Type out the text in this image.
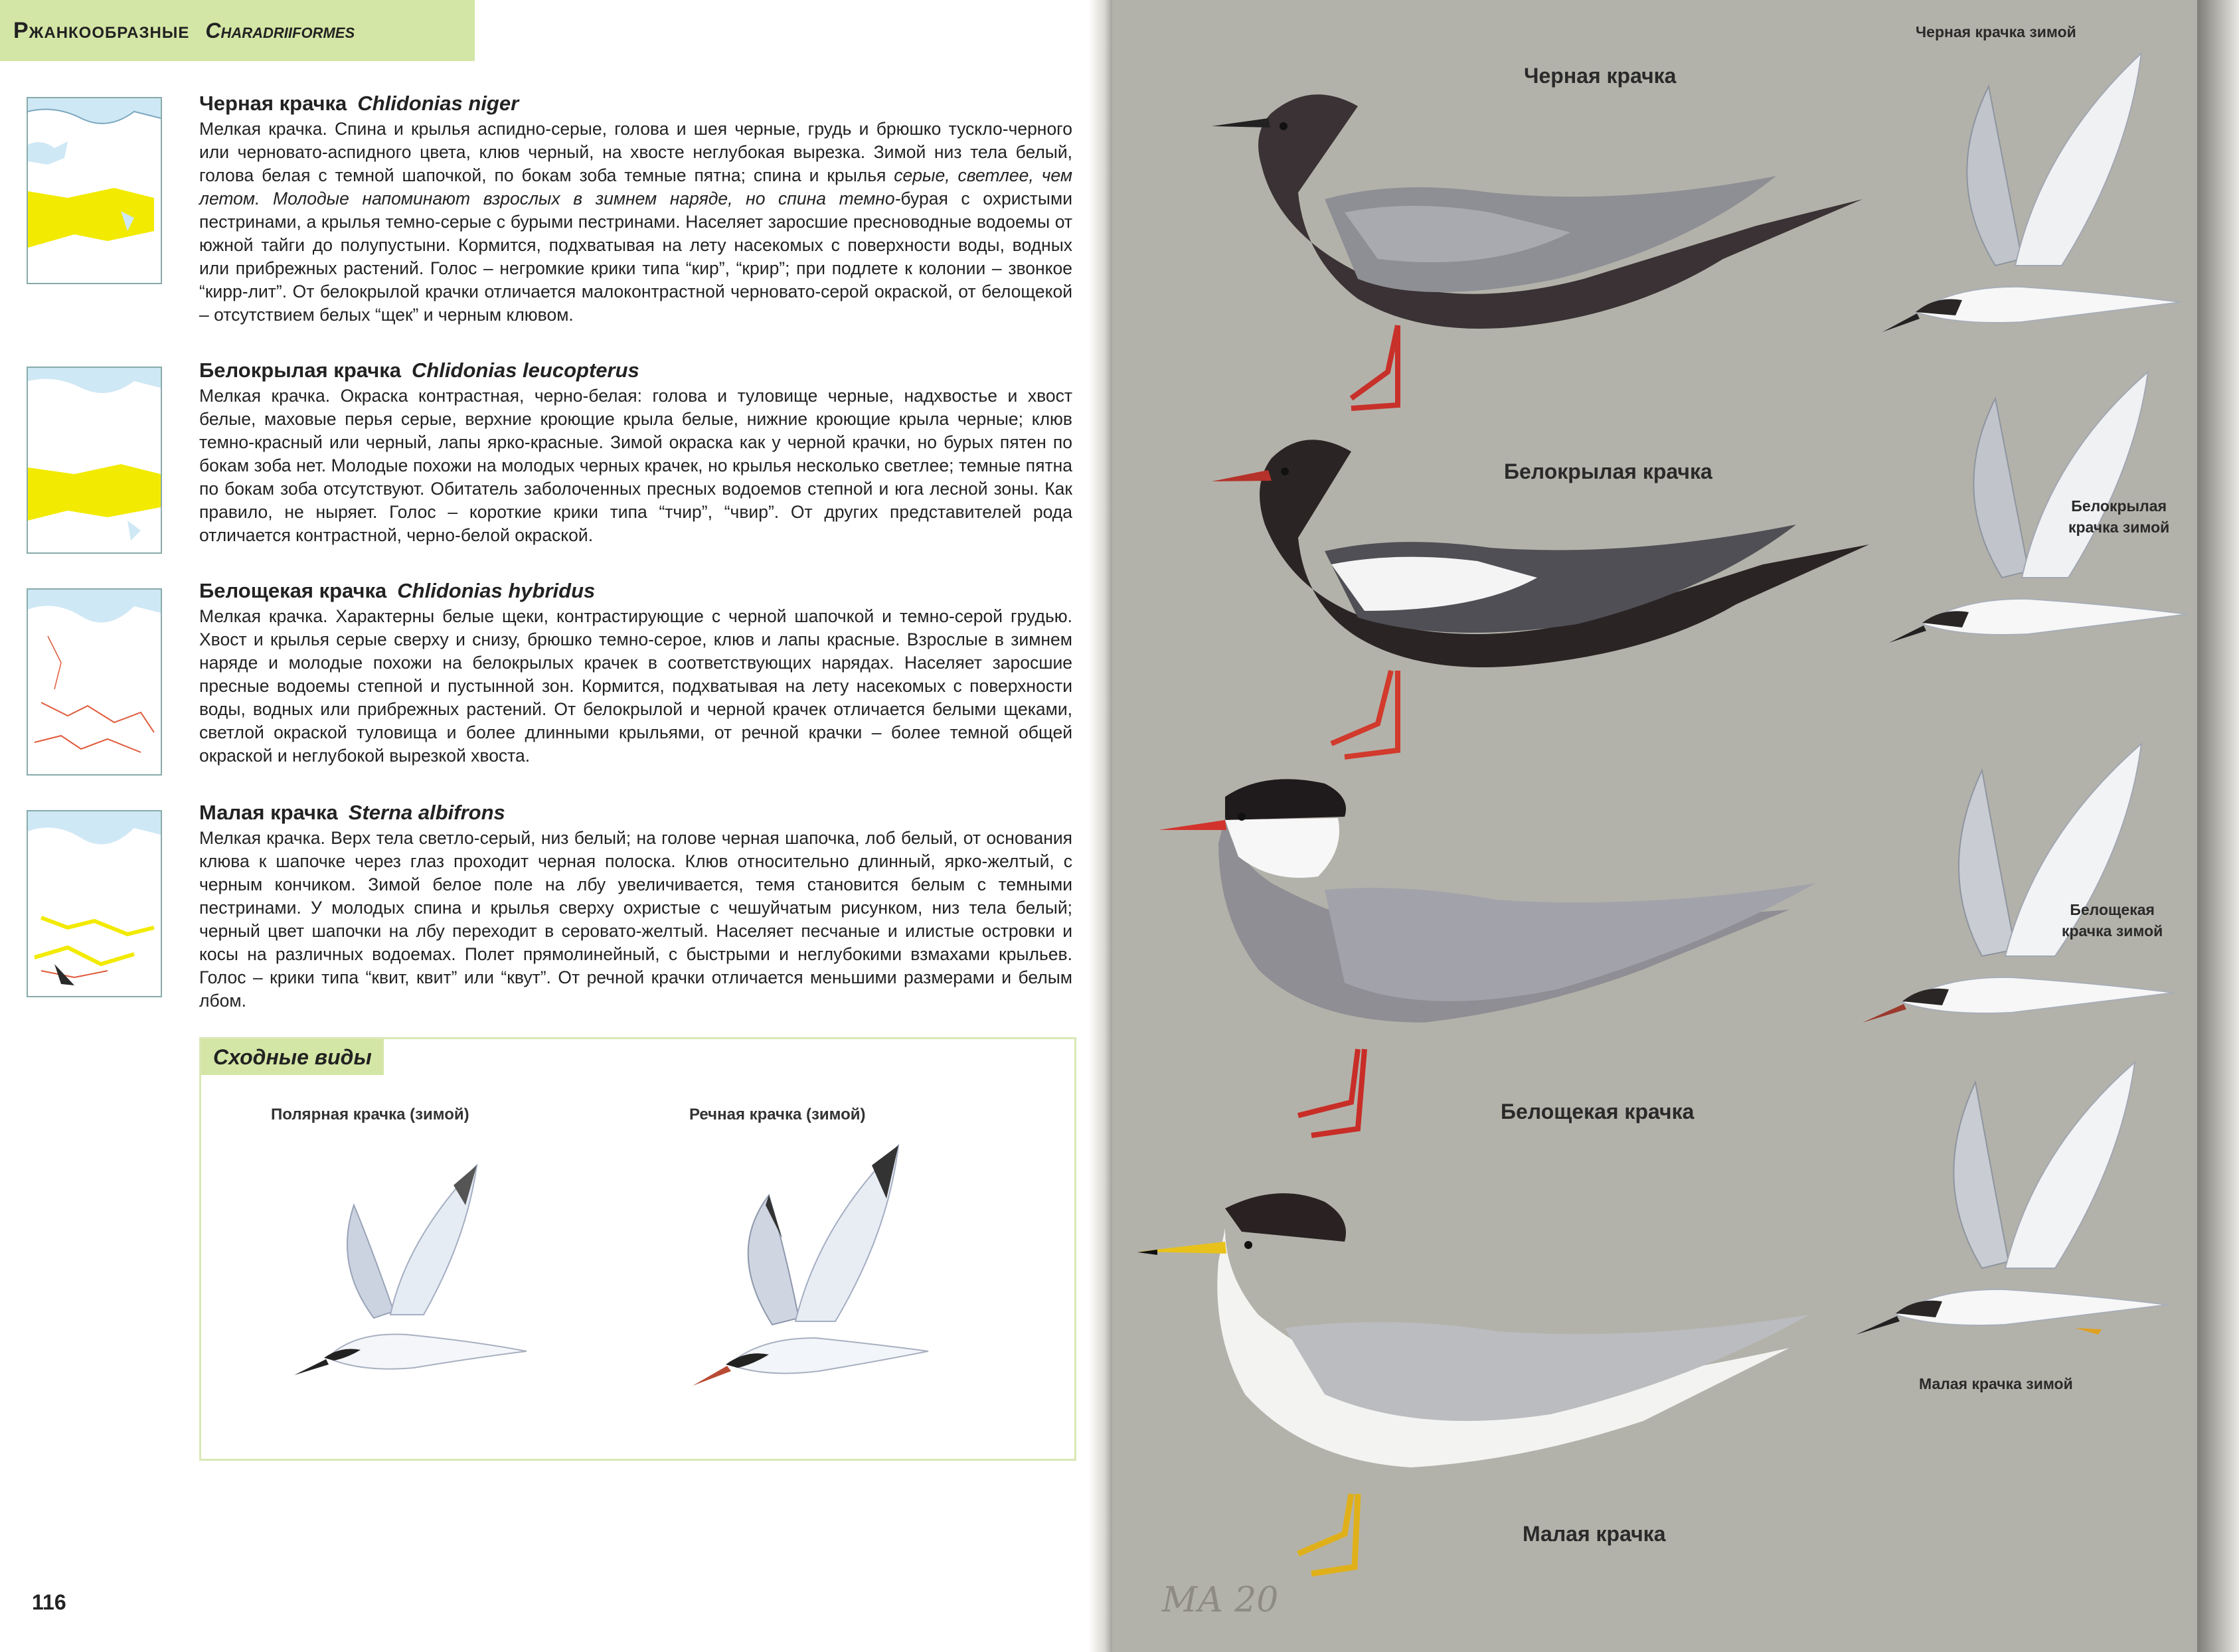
Ржанкообразные Charadriiformes
Черная крачка Chlidonias niger

Мелкая крачка. Спина и крылья аспидно-серые, голова и шея черные, грудь и брюшко тускло-черного или черновато-аспидного цвета, клюв черный, на хвосте неглубокая вырезка. Зимой низ тела белый, голова белая с темной шапочкой, по бокам зоба темные пятна; спина и крылья серые, светлее, чем летом. Молодые напоминают взрослых в зимнем наряде, но спина темно-бурая с охристыми пестринами, а крылья темно-серые с бурыми пестринами. Населяет заросшие пресноводные водоемы от южной тайги до полупустыни. Кормится, подхватывая на лету насекомых с поверхности воды, водных или прибрежных растений. Голос – негромкие крики типа “кир”, “крир”; при подлете к колонии – звонкое “кирр-лит”. От белокрылой крачки отличается малоконтрастной черновато-серой окраской, от белощекой – отсутствием белых “щек” и черным клювом.

Белокрылая крачка Chlidonias leucopterus

Мелкая крачка. Окраска контрастная, черно-белая: голова и туловище черные, надхвостье и хвост белые, маховые перья серые, верхние кроющие крыла белые, нижние кроющие крыла черные; клюв темно-красный или черный, лапы ярко-красные. Зимой окраска как у черной крачки, но бурых пятен по бокам зоба нет. Молодые похожи на молодых черных крачек, но крылья несколько светлее; темные пятна по бокам зоба отсутствуют. Обитатель заболоченных пресных водоемов степной и юга лесной зоны. Как правило, не ныряет. Голос – короткие крики типа “тчир”, “чвир”. От других представителей рода отличается контрастной, черно-белой окраской.

Белощекая крачка Chlidonias hybridus

Мелкая крачка. Характерны белые щеки, контрастирующие с черной шапочкой и темно-серой грудью. Хвост и крылья серые сверху и снизу, брюшко темно-серое, клюв и лапы красные. Взрослые в зимнем наряде и молодые похожи на белокрылых крачек в соответствующих нарядах. Населяет заросшие пресные водоемы степной и пустынной зон. Кормится, подхватывая на лету насекомых с поверхности воды, водных или прибрежных растений. От белокрылой и черной крачек отличается белыми щеками, светлой окраской туловища и более длинными крыльями, от речной крачки – более темной общей окраской и неглубокой вырезкой хвоста.

Малая крачка Sterna albifrons

Мелкая крачка. Верх тела светло-серый, низ белый; на голове черная шапочка, лоб белый, от основания клюва к шапочке через глаз проходит черная полоска. Клюв относительно длинный, ярко-желтый, с черным кончиком. Зимой белое поле на лбу увеличивается, темя становится белым с темными пестринами. У молодых спина и крылья сверху охристые с чешуйчатым рисунком, низ тела белый; черный цвет шапочки на лбу переходит в серовато-желтый. Населяет песчаные и илистые островки и косы на различных водоемах. Полет прямолинейный, с быстрыми и неглубокими взмахами крыльев. Голос – крики типа “квит, квит” или “квут”. От речной крачки отличается меньшими размерами и белым лбом.

Сходные виды
Полярная крачка (зимой)	Речная крачка (зимой)
116
Черная крачка
Черная крачка зимой
Белокрылая крачка
Белокрылая
крачка зимой
Белощекая крачка
Белощекая
крачка зимой
Малая крачка зимой
Малая крачка
МА 20
